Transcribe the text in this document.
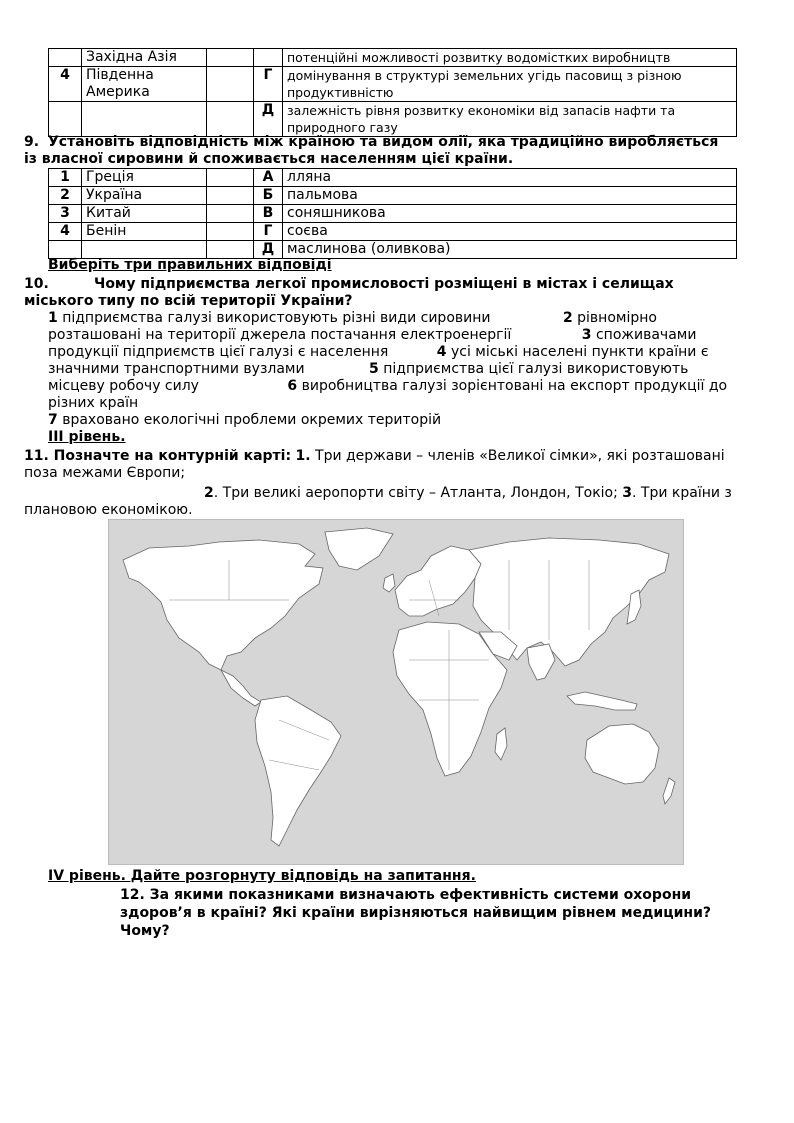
	Західна Азія			потенційні можливості розвитку водомістких виробництв
4	Південна Америка		Г	домінування в структурі земельних угідь пасовищ з різною продуктивністю
			Д	залежність рівня розвитку економіки від запасів нафти та природного газу
9. Установіть відповідність між країною та видом олії, яка традиційно виробляється із власної сировини й споживається населенням цієї країни.
1	Греція		А	лляна
2	Україна		Б	пальмова
3	Китай		В	соняшникова
4	Бенін		Г	соєва
			Д	маслинова (оливкова)
Виберіть три правильних відповіді
10.	Чому підприємства легкої промисловості розміщені в містах і селищах міського типу по всій території України?
1 підприємства галузі використовують різні види сировини	2 рівномірно розташовані на території джерела постачання електроенергії	3 споживачами продукції підприємств цієї галузі є населення	4 усі міські населені пункти країни є значними транспортними вузлами	5 підприємства цієї галузі використовують місцеву робочу силу	6 виробництва галузі зорієнтовані на експорт продукції до різних країн
7 враховано екологічні проблеми окремих територій
ІІІ рівень.
11. Позначте на контурній карті: 1. Три держави – членів «Великої сімки», які розташовані поза межами Європи;
2. Три великі аеропорти світу – Атланта, Лондон, Токіо; 3. Три країни з плановою економікою.
ІV рівень. Дайте розгорнуту відповідь на запитання.
12. За якими показниками визначають ефективність системи охорони здоров’я в країні? Які країни вирізняються найвищим рівнем медицини? Чому?
